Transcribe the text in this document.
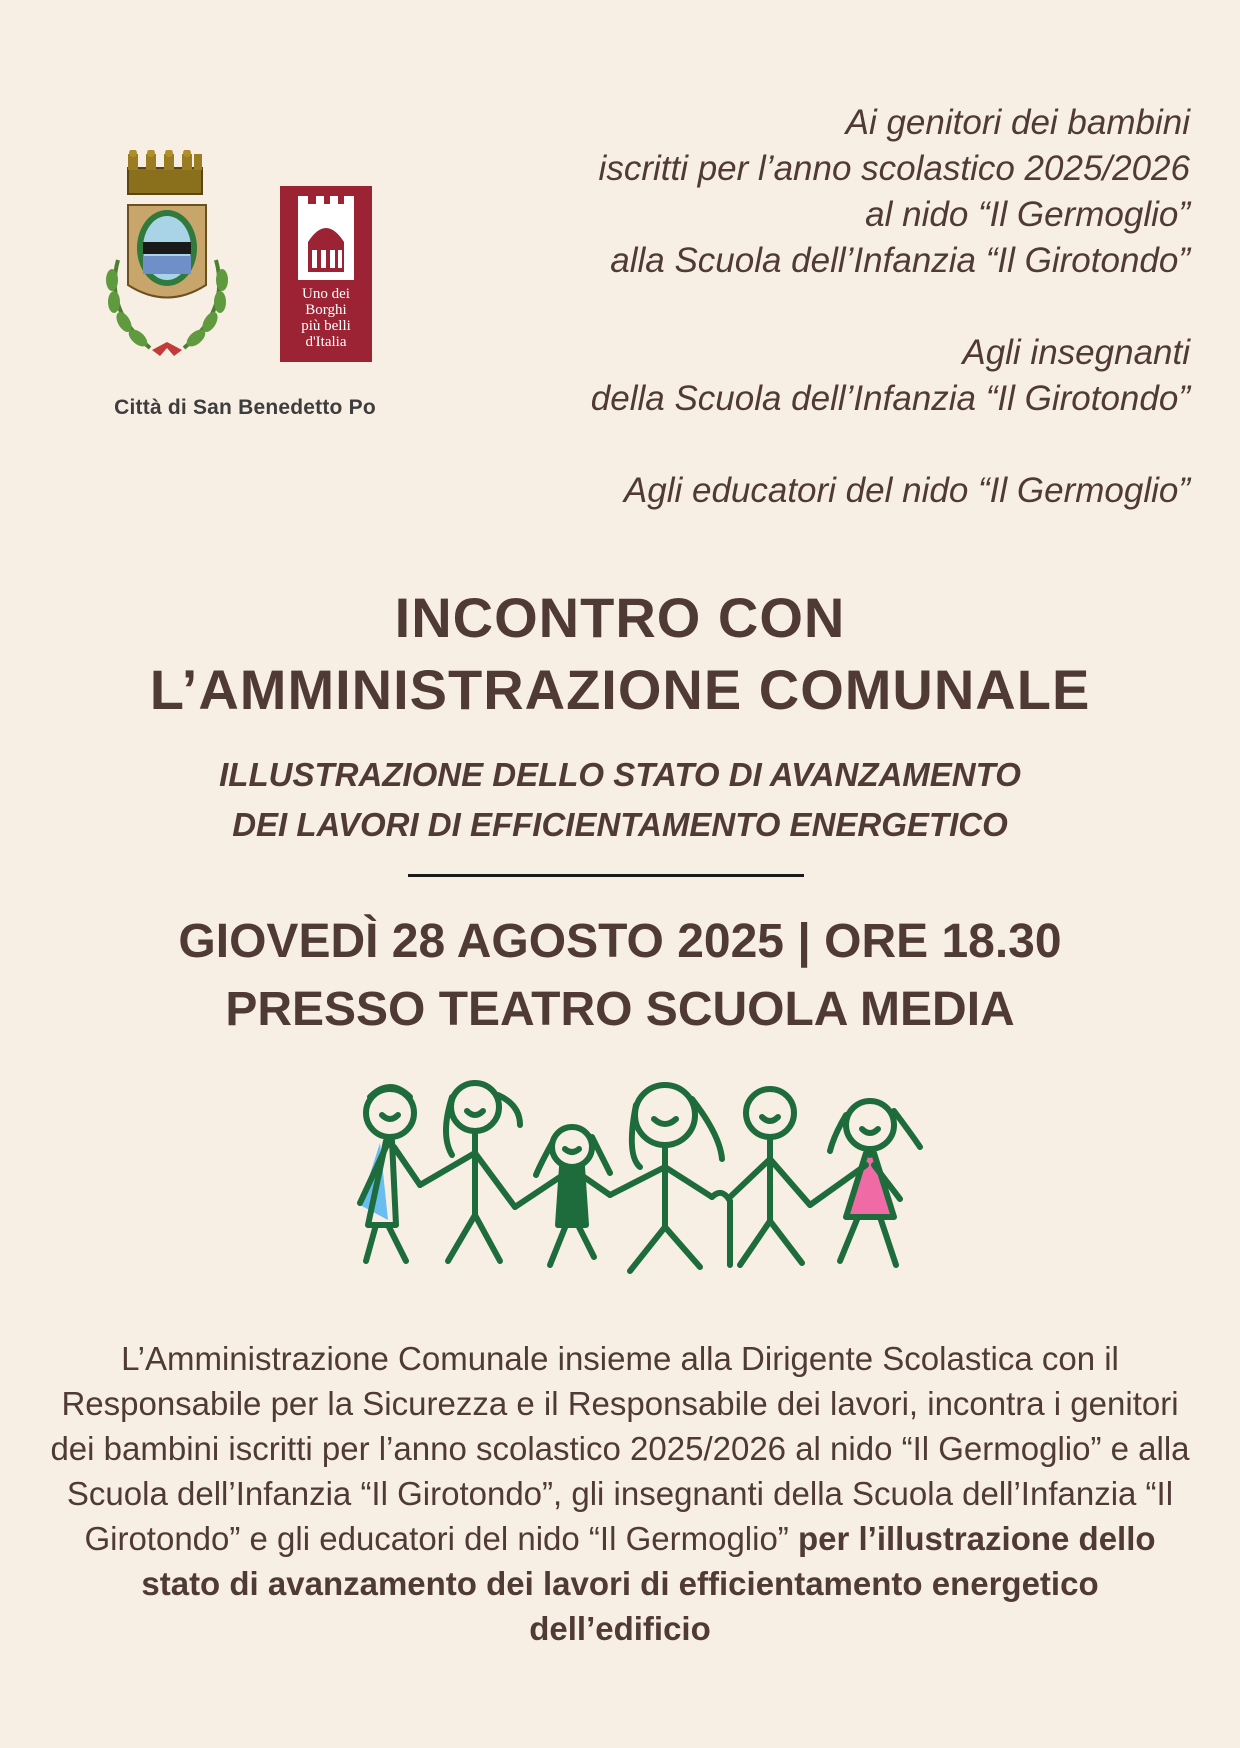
Uno dei
Borghi
più belli
d'Italia
Città di San Benedetto Po
Ai genitori dei bambini
iscritti per l’anno scolastico 2025/2026
al nido “Il Germoglio”
alla Scuola dell’Infanzia “Il Girotondo”
Agli insegnanti
della Scuola dell’Infanzia “Il Girotondo”
Agli educatori del nido “Il Germoglio”
INCONTRO CON
L’AMMINISTRAZIONE COMUNALE
ILLUSTRAZIONE DELLO STATO DI AVANZAMENTO
DEI LAVORI DI EFFICIENTAMENTO ENERGETICO
GIOVEDÌ 28 AGOSTO 2025 | ORE 18.30
PRESSO TEATRO SCUOLA MEDIA
L’Amministrazione Comunale insieme alla Dirigente Scolastica con il Responsabile per la Sicurezza e il Responsabile dei lavori, incontra i genitori dei bambini iscritti per l’anno scolastico 2025/2026 al nido “Il Germoglio” e alla Scuola dell’Infanzia “Il Girotondo”, gli insegnanti della Scuola dell’Infanzia “Il Girotondo” e gli educatori del nido “Il Germoglio” per l’illustrazione dello stato di avanzamento dei lavori di efficientamento energetico dell’edificio
